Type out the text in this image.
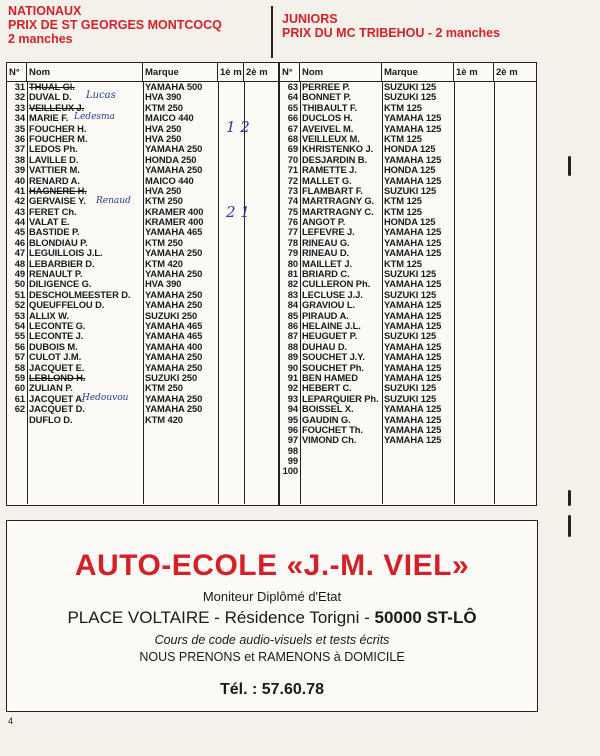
NATIONAUX
PRIX DE ST GEORGES MONTCOCQ
2 manches
JUNIORS
PRIX DU MC TRIBEHOU - 2 manches
N° Nom	Marque	1è m 2è m
31 THUAL Gl.	YAMAHA 500
32 DUVAL D.	HVA 390
33 VEILLEUX J.	KTM 250
34 MARIE F.	MAICO 440
35 FOUCHER H.	HVA 250
36 FOUCHER M.	HVA 250
37 LEDOS Ph.	YAMAHA 250
38 LAVILLE D.	HONDA 250
39 VATTIER M.	YAMAHA 250
40 RENARD A.	MAICO 440
41 HAGNERE H.	HVA 250
42 GERVAISE Y.	KTM 250
43 FERET Ch.	KRAMER 400
44 VALAT E.	KRAMER 400
45 BASTIDE P.	YAMAHA 465
46 BLONDIAU P.	KTM 250
47 LEGUILLOIS J.L.	YAMAHA 250
48 LEBARBIER D.	KTM 420
49 RENAULT P.	YAMAHA 250
50 DILIGENCE G.	HVA 390
51 DESCHOLMEESTER D.	YAMAHA 250
52 QUEUFFELOU D.	YAMAHA 250
53 ALLIX W.	SUZUKI 250
54 LECONTE G.	YAMAHA 465
55 LECONTE J.	YAMAHA 465
56 DUBOIS M.	YAMAHA 400
57 CULOT J.M.	YAMAHA 250
58 JACQUET E.	YAMAHA 250
59 LEBLOND H.	SUZUKI 250
60 ZULIAN P.	KTM 250
61 JACQUET A.	YAMAHA 250
62 JACQUET D.	YAMAHA 250
DUFLO D.	KTM 420
N° Nom	Marque	1è m	2è m
63 PERREE P.	SUZUKI 125
64 BONNET P.	SUZUKI 125
65 THIBAULT F.	KTM 125
66 DUCLOS H.	YAMAHA 125
67 AVEIVEL M.	YAMAHA 125
68 VEILLEUX M.	KTM 125
69 KHRISTENKO J.	HONDA 125
70 DESJARDIN B.	YAMAHA 125
71 RAMETTE J.	HONDA 125
72 MALLET G.	YAMAHA 125
73 FLAMBART F.	SUZUKI 125
74 MARTRAGNY G.	KTM 125
75 MARTRAGNY C.	KTM 125
76 ANGOT P.	HONDA 125
77 LEFEVRE J.	YAMAHA 125
78 RINEAU G.	YAMAHA 125
79 RINEAU D.	YAMAHA 125
80 MAILLET J.	KTM 125
81 BRIARD C.	SUZUKI 125
82 CULLERON Ph.	YAMAHA 125
83 LECLUSE J.J.	SUZUKI 125
84 GRAVIOU L.	YAMAHA 125
85 PIRAUD A.	YAMAHA 125
86 HELAINE J.L.	YAMAHA 125
87 HEUGUET P.	SUZUKI 125
88 DUHAU D.	YAMAHA 125
89 SOUCHET J.Y.	YAMAHA 125
90 SOUCHET Ph.	YAMAHA 125
91 BEN HAMED	YAMAHA 125
92 HEBERT C.	SUZUKI 125
93 LEPARQUIER Ph. SUZUKI 125
94 BOISSEL X.	YAMAHA 125
95 GAUDIN G.	YAMAHA 125
96 FOUCHET Th.	YAMAHA 125
97 VIMOND Ch.	YAMAHA 125
98
99
100
Lucas
Ledesma
1 2
Renaud
2 1
Hedouvou
AUTO-ECOLE «J.-M. VIEL»
Moniteur Diplômé d'Etat
PLACE VOLTAIRE - Résidence Torigni - 50000 ST-LÔ
Cours de code audio-visuels et tests écrits
NOUS PRENONS et RAMENONS à DOMICILE
Tél. : 57.60.78
4
